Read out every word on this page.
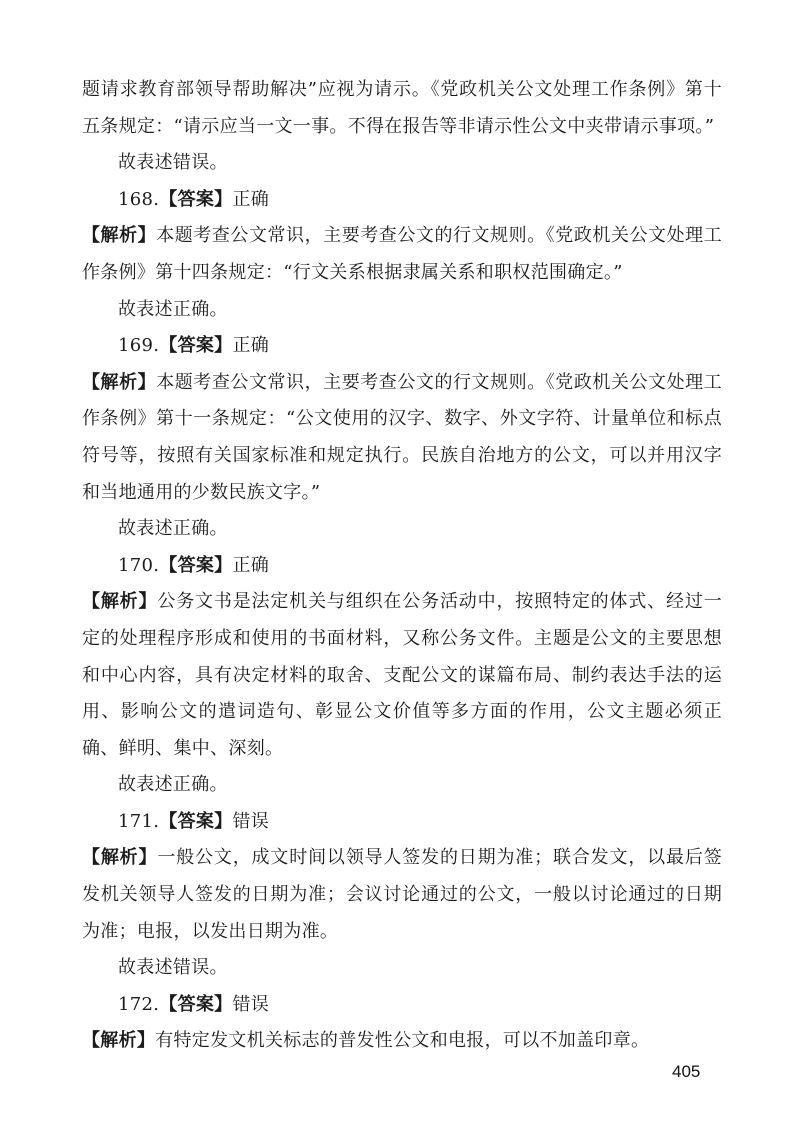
题请求教育部领导帮助解决”应视为请示。《党政机关公文处理工作条例》第十五条规定：“请示应当一文一事。不得在报告等非请示性公文中夹带请示事项。”

故表述错误。

168.【答案】正确

【解析】本题考查公文常识，主要考查公文的行文规则。《党政机关公文处理工作条例》第十四条规定：“行文关系根据隶属关系和职权范围确定。”

故表述正确。

169.【答案】正确

【解析】本题考查公文常识，主要考查公文的行文规则。《党政机关公文处理工作条例》第十一条规定：“公文使用的汉字、数字、外文字符、计量单位和标点符号等，按照有关国家标准和规定执行。民族自治地方的公文，可以并用汉字和当地通用的少数民族文字。”

故表述正确。

170.【答案】正确

【解析】公务文书是法定机关与组织在公务活动中，按照特定的体式、经过一定的处理程序形成和使用的书面材料，又称公务文件。主题是公文的主要思想和中心内容，具有决定材料的取舍、支配公文的谋篇布局、制约表达手法的运用、影响公文的遣词造句、彰显公文价值等多方面的作用，公文主题必须正确、鲜明、集中、深刻。

故表述正确。

171.【答案】错误

【解析】一般公文，成文时间以领导人签发的日期为准；联合发文，以最后签发机关领导人签发的日期为准；会议讨论通过的公文，一般以讨论通过的日期为准；电报，以发出日期为准。

故表述错误。

172.【答案】错误

【解析】有特定发文机关标志的普发性公文和电报，可以不加盖印章。

405
